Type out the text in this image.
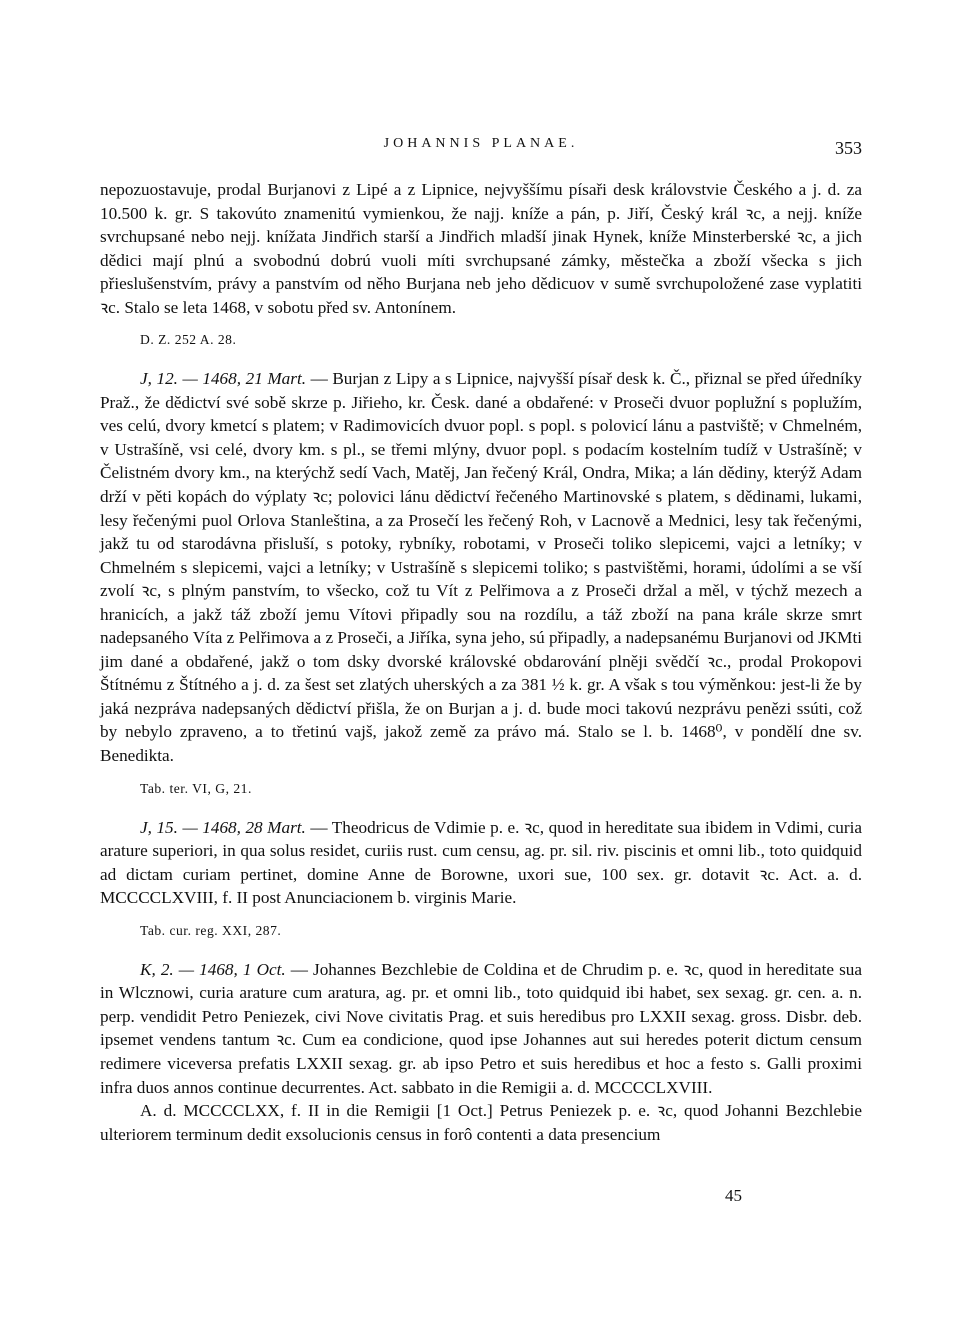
JOHANNIS PLANAE.	353

nepozuostavuje, prodal Burjanovi z Lipé a z Lipnice, nejvyššímu písaři desk královstvie Českého a j. d. za 10.500 k. gr. S takovúto znamenitú vymienkou, že najj. kníže a pán, p. Jiří, Český král ꝛc, a nejj. kníže svrchupsané nebo nejj. knížata Jindřich starší a Jindřich mladší jinak Hynek, kníže Minsterberské ꝛc, a jich dědici mají plnú a svobodnú dobrú vuoli míti svrchupsané zámky, městečka a zboží všecka s jich přieslušenstvím, právy a panstvím od něho Burjana neb jeho dědicuov v sumě svrchupoložené zase vyplatiti ꝛc. Stalo se leta 1468, v sobotu před sv. Antonínem.

D. Z. 252 A. 28.

J, 12. — 1468, 21 Mart. — Burjan z Lipy a s Lipnice, najvyšší písař desk k. Č., přiznal se před úředníky Praž., že dědictví své sobě skrze p. Jiřieho, kr. Česk. dané a obdařené: v Proseči dvuor poplužní s poplužím, ves celú, dvory kmetcí s platem; v Radimovicích dvuor popl. s popl. s polovicí lánu a pastviště; v Chmelném, v Ustrašíně, vsi celé, dvory km. s pl., se třemi mlýny, dvuor popl. s podacím kostelním tudíž v Ustrašíně; v Čelistném dvory km., na kterýchž sedí Vach, Matěj, Jan řečený Král, Ondra, Mika; a lán dědiny, kterýž Adam drží v pěti kopách do výplaty ꝛc; polovici lánu dědictví řečeného Martinovské s platem, s dědinami, lukami, lesy řečenými puol Orlova Stanleština, a za Prosečí les řečený Roh, v Lacnově a Mednici, lesy tak řečenými, jakž tu od starodávna přisluší, s potoky, rybníky, robotami, v Proseči toliko slepicemi, vajci a letníky; v Chmelném s slepicemi, vajci a letníky; v Ustrašíně s slepicemi toliko; s pastvištěmi, horami, údolími a se vší zvolí ꝛc, s plným panstvím, to všecko, což tu Vít z Pelřimova a z Proseči držal a měl, v týchž mezech a hranicích, a jakž táž zboží jemu Vítovi připadly sou na rozdílu, a táž zboží na pana krále skrze smrt nadepsaného Víta z Pelřimova a z Proseči, a Jiříka, syna jeho, sú připadly, a nadepsanému Burjanovi od JKMti jim dané a obdařené, jakž o tom dsky dvorské královské obdarování plněji svědčí ꝛc., prodal Prokopovi Štítnému z Štítného a j. d. za šest set zlatých uherských a za 381 ½ k. gr. A však s tou výměnkou: jest-li že by jaká nezpráva nadepsaných dědictví přišla, že on Burjan a j. d. bude moci takovú nezprávu penězi ssúti, což by nebylo zpraveno, a to třetinú vajš, jakož země za právo má. Stalo se l. b. 1468⁰, v pondělí dne sv. Benedikta.

Tab. ter. VI, G, 21.

J, 15. — 1468, 28 Mart. — Theodricus de Vdimie p. e. ꝛc, quod in hereditate sua ibidem in Vdimi, curia arature superiori, in qua solus residet, curiis rust. cum censu, ag. pr. sil. riv. piscinis et omni lib., toto quidquid ad dictam curiam pertinet, domine Anne de Borowne, uxori sue, 100 sex. gr. dotavit ꝛc. Act. a. d. MCCCCLXVIII, f. II post Anunciacionem b. virginis Marie.

Tab. cur. reg. XXI, 287.

K, 2. — 1468, 1 Oct. — Johannes Bezchlebie de Coldina et de Chrudim p. e. ꝛc, quod in hereditate sua in Wlcznowi, curia arature cum aratura, ag. pr. et omni lib., toto quidquid ibi habet, sex sexag. gr. cen. a. n. perp. vendidit Petro Peniezek, civi Nove civitatis Prag. et suis heredibus pro LXXII sexag. gross. Disbr. deb. ipsemet vendens tantum ꝛc. Cum ea condicione, quod ipse Johannes aut sui heredes poterit dictum censum redimere viceversa prefatis LXXII sexag. gr. ab ipso Petro et suis heredibus et hoc a festo s. Galli proximi infra duos annos continue decurrentes. Act. sabbato in die Remigii a. d. MCCCCLXVIII.

A. d. MCCCCLXX, f. II in die Remigii [1 Oct.] Petrus Peniezek p. e. ꝛc, quod Johanni Bezchlebie ulteriorem terminum dedit exsolucionis census in forô contenti a data presencium

45
